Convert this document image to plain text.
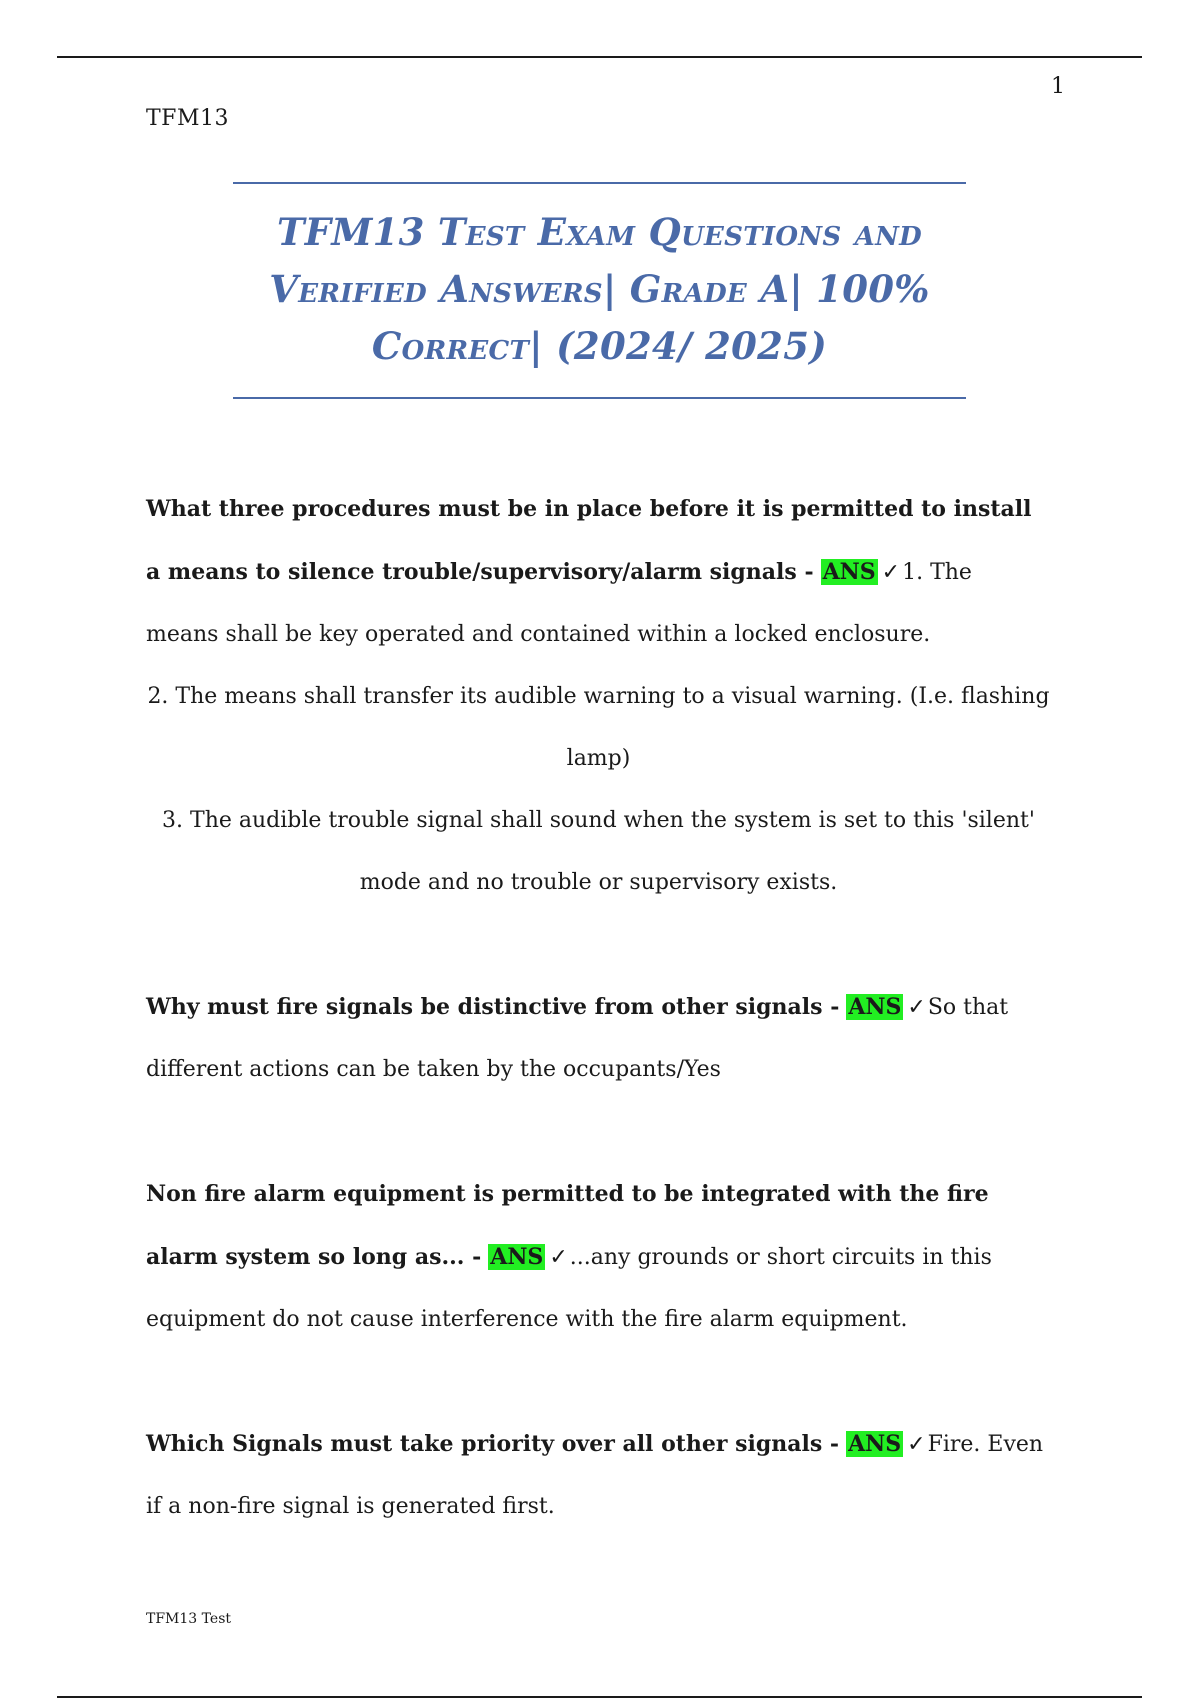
1
TFM13
TFM13 Test Exam Questions and
Verified Answers| Grade A| 100%
Correct| (2024/ 2025)

What three procedures must be in place before it is permitted to install a means to silence trouble/supervisory/alarm signals - ANS ✓1. The means shall be key operated and contained within a locked enclosure.

2. The means shall transfer its audible warning to a visual warning. (I.e. flashing lamp)
3. The audible trouble signal shall sound when the system is set to this 'silent' mode and no trouble or supervisory exists.

Why must fire signals be distinctive from other signals - ANS ✓So that different actions can be taken by the occupants/Yes

Non fire alarm equipment is permitted to be integrated with the fire alarm system so long as... - ANS ✓...any grounds or short circuits in this equipment do not cause interference with the fire alarm equipment.

Which Signals must take priority over all other signals - ANS ✓Fire. Even if a non-fire signal is generated first.

TFM13 Test
